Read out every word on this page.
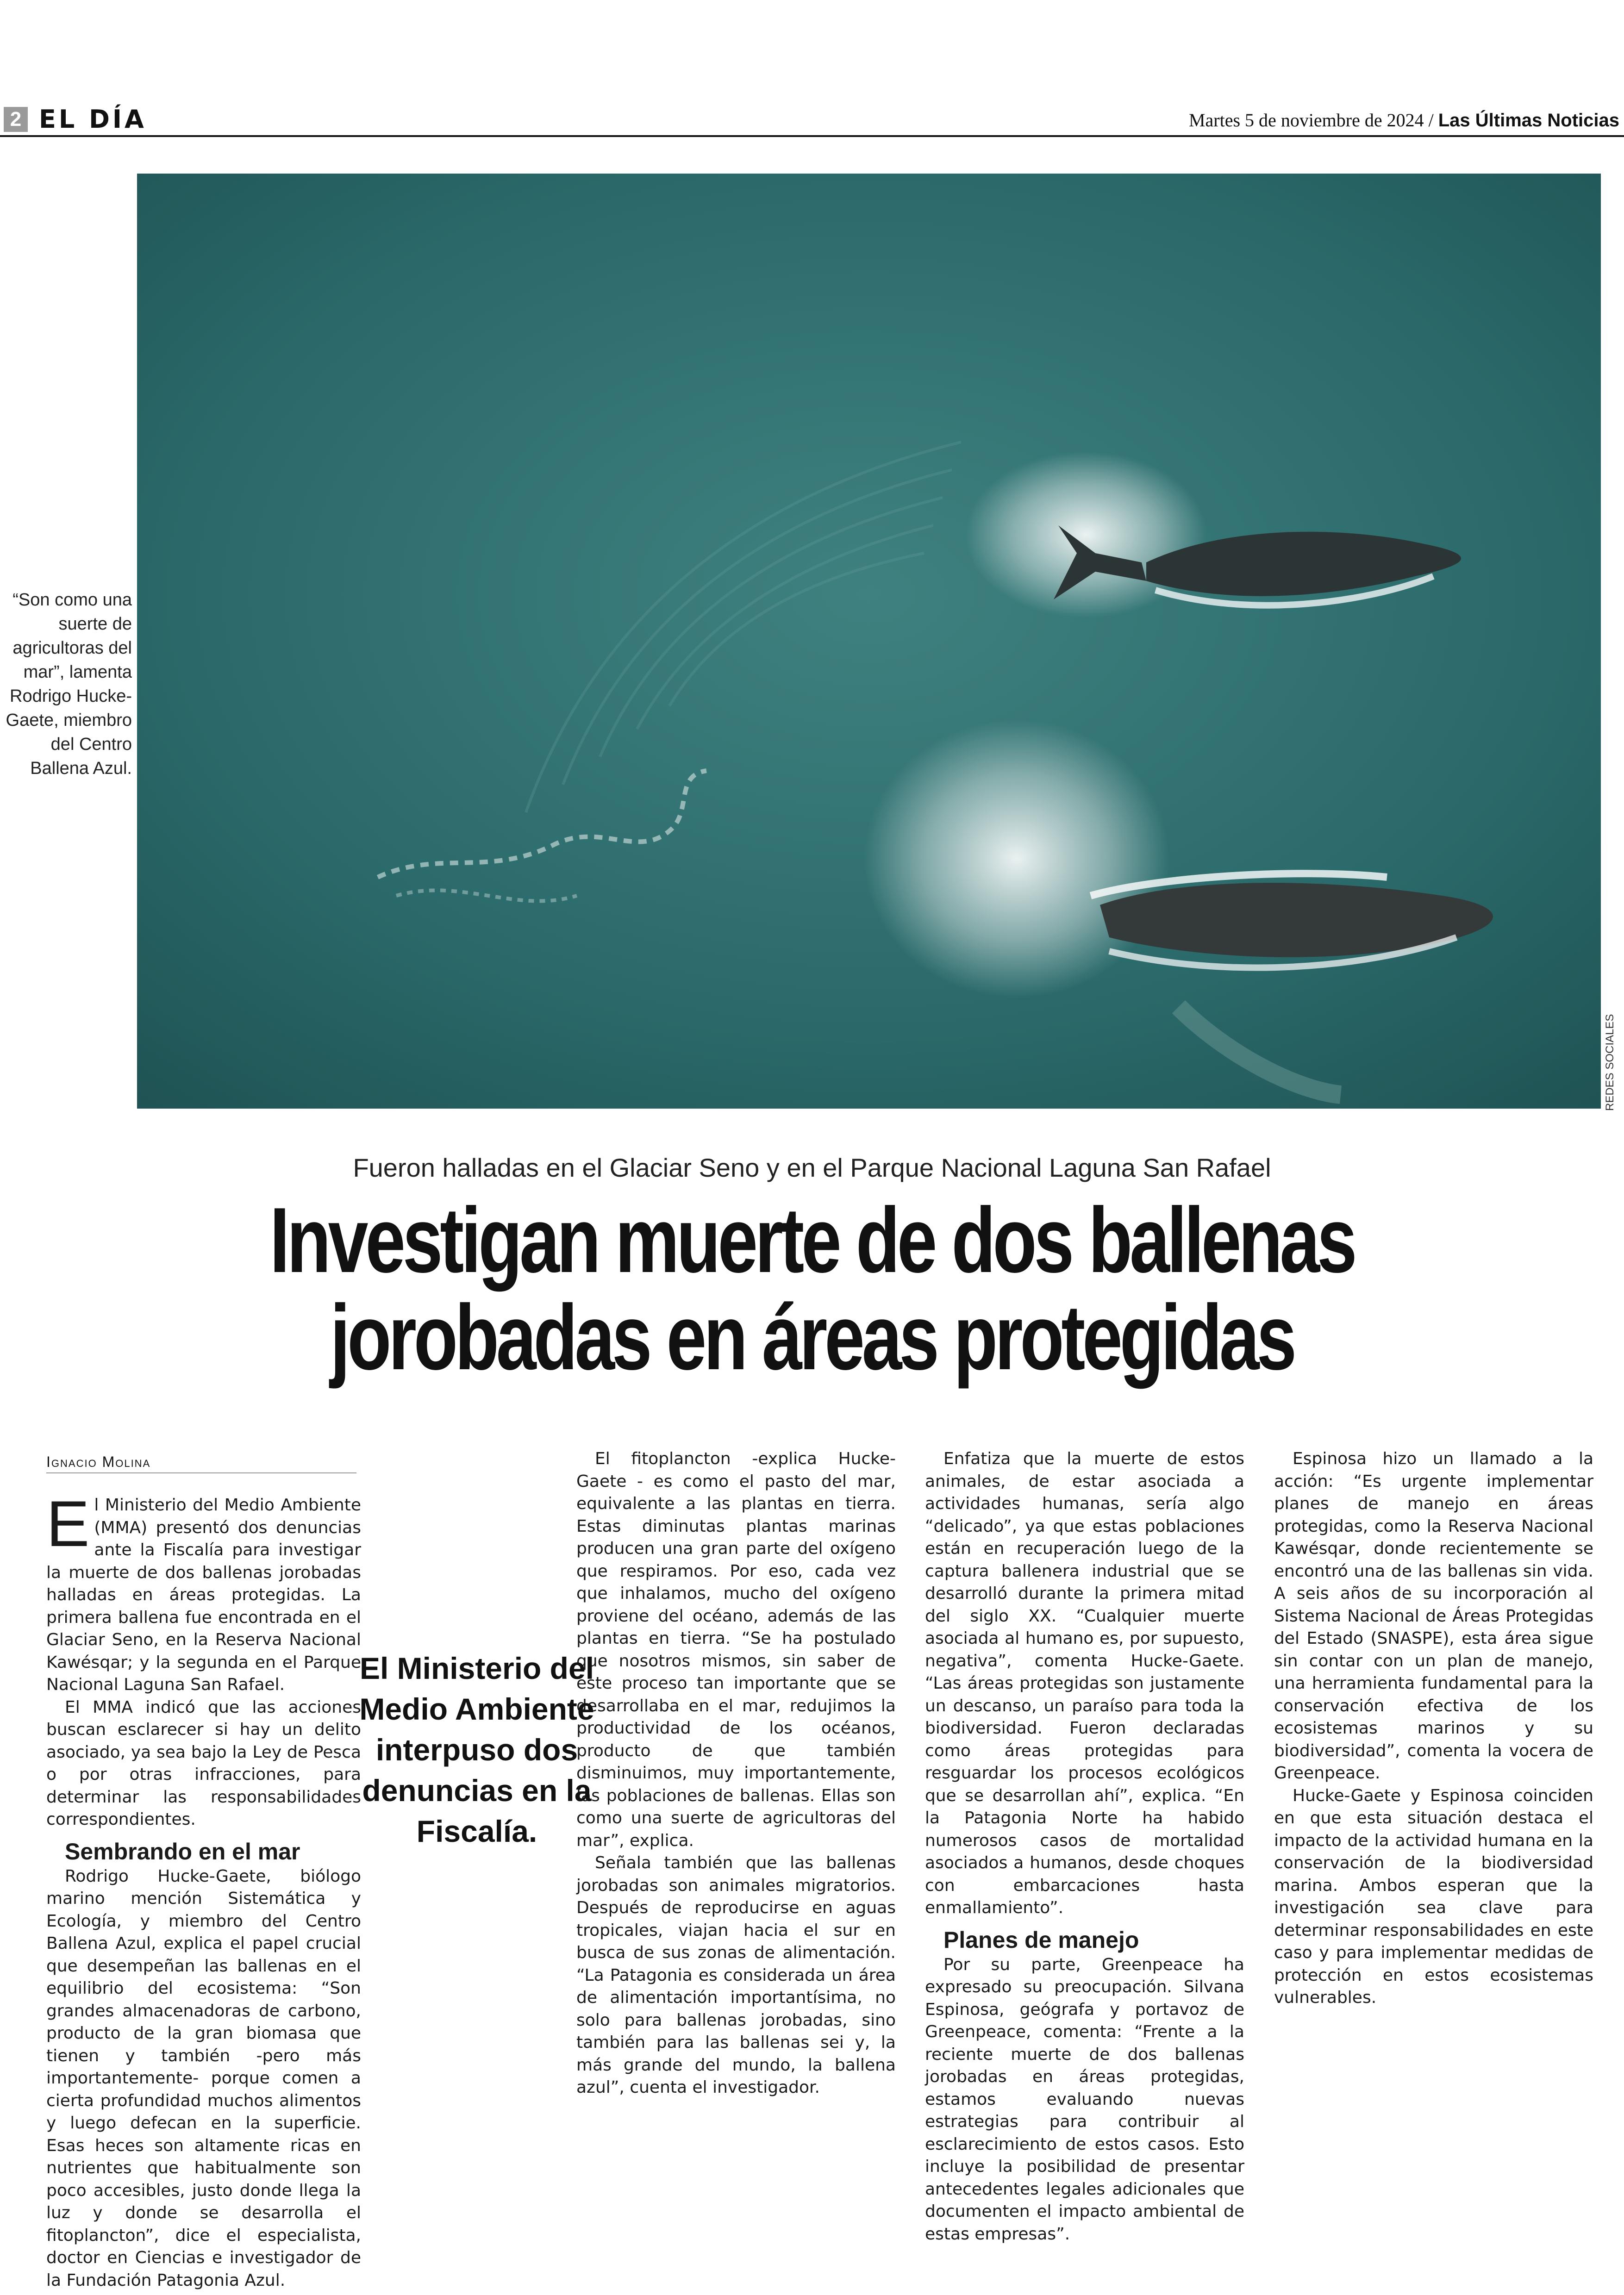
2 EL DÍA	Martes 5 de noviembre de 2024 / Las Últimas Noticias
REDES SOCIALES
“Son como una suerte de agricultoras del mar”, lamenta Rodrigo Hucke-Gaete, miembro del Centro Ballena Azul.
Fueron halladas en el Glaciar Seno y en el Parque Nacional Laguna San Rafael
Investigan muerte de dos ballenas
jorobadas en áreas protegidas
Ignacio Molina

El Ministerio del Medio Ambiente (MMA) presentó dos denuncias ante la Fiscalía para investigar la muerte de dos ballenas jorobadas halladas en áreas protegidas. La primera ballena fue encontrada en el Glaciar Seno, en la Reserva Nacional Kawésqar; y la segunda en el Parque Nacional Laguna San Rafael.

El MMA indicó que las acciones buscan esclarecer si hay un delito asociado, ya sea bajo la Ley de Pesca o por otras infracciones, para determinar las responsabilidades correspondientes.

Sembrando en el mar

Rodrigo Hucke-Gaete, biólogo marino mención Sistemática y Ecología, y miembro del Centro Ballena Azul, explica el papel crucial que desempeñan las ballenas en el equilibrio del ecosistema: “Son grandes almacenadoras de carbono, producto de la gran biomasa que tienen y también -pero más importantemente- porque comen a cierta profundidad muchos alimentos y luego defecan en la superficie. Esas heces son altamente ricas en nutrientes que habitualmente son poco accesibles, justo donde llega la luz y donde se desarrolla el fitoplancton”, dice el especialista, doctor en Ciencias e investigador de la Fundación Patagonia Azul.

El fitoplancton -explica Hucke-Gaete - es como el pasto del mar, equivalente a las plantas en tierra. Estas diminutas plantas marinas producen una gran parte del oxígeno que respiramos. Por eso, cada vez que inhalamos, mucho del oxígeno proviene del océano, además de las plantas en tierra. “Se ha postulado que nosotros mismos, sin saber de este proceso tan importante que se desarrollaba en el mar, redujimos la productividad de los océanos, producto de que también disminuimos, muy importantemente, las poblaciones de ballenas. Ellas son como una suerte de agricultoras del mar”, explica.

Señala también que las ballenas jorobadas son animales migratorios. Después de reproducirse en aguas tropicales, viajan hacia el sur en busca de sus zonas de alimentación. “La Patagonia es considerada un área de alimentación importantísima, no solo para ballenas jorobadas, sino también para las ballenas sei y, la más grande del mundo, la ballena azul”, cuenta el investigador.

Enfatiza que la muerte de estos animales, de estar asociada a actividades humanas, sería algo “delicado”, ya que estas poblaciones están en recuperación luego de la captura ballenera industrial que se desarrolló durante la primera mitad del siglo XX. “Cualquier muerte asociada al humano es, por supuesto, negativa”, comenta Hucke-Gaete. “Las áreas protegidas son justamente un descanso, un paraíso para toda la biodiversidad. Fueron declaradas como áreas protegidas para resguardar los procesos ecológicos que se desarrollan ahí”, explica. “En la Patagonia Norte ha habido numerosos casos de mortalidad asociados a humanos, desde choques con embarcaciones hasta enmallamiento”.

Planes de manejo

Por su parte, Greenpeace ha expresado su preocupación. Silvana Espinosa, geógrafa y portavoz de Greenpeace, comenta: “Frente a la reciente muerte de dos ballenas jorobadas en áreas protegidas, estamos evaluando nuevas estrategias para contribuir al esclarecimiento de estos casos. Esto incluye la posibilidad de presentar antecedentes legales adicionales que documenten el impacto ambiental de estas empresas”.

Espinosa hizo un llamado a la acción: “Es urgente implementar planes de manejo en áreas protegidas, como la Reserva Nacional Kawésqar, donde recientemente se encontró una de las ballenas sin vida. A seis años de su incorporación al Sistema Nacional de Áreas Protegidas del Estado (SNASPE), esta área sigue sin contar con un plan de manejo, una herramienta fundamental para la conservación efectiva de los ecosistemas marinos y su biodiversidad”, comenta la vocera de Greenpeace.

Hucke-Gaete y Espinosa coinciden en que esta situación destaca el impacto de la actividad humana en la conservación de la biodiversidad marina. Ambos esperan que la investigación sea clave para determinar responsabilidades en este caso y para implementar medidas de protección en estos ecosistemas vulnerables.

El Ministerio del Medio Ambiente interpuso dos denuncias en la Fiscalía.
